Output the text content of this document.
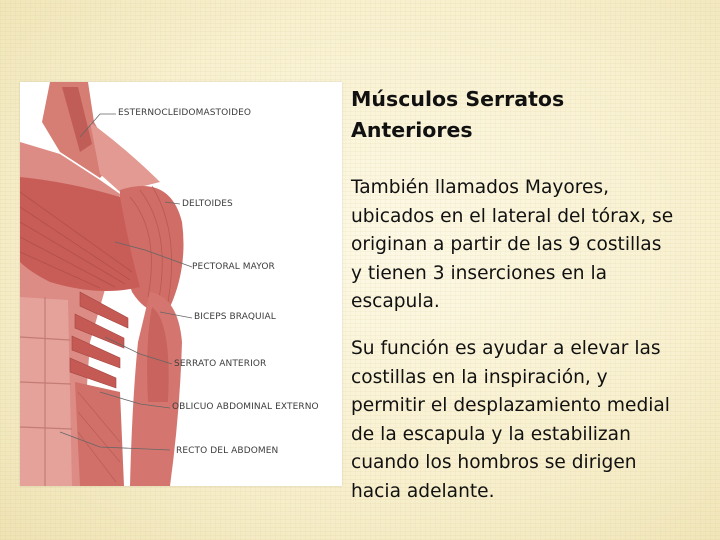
ESTERNOCLEIDOMASTOIDEO
DELTOIDES
PECTORAL MAYOR
BICEPS BRAQUIAL
SERRATO ANTERIOR
OBLICUO ABDOMINAL EXTERNO
RECTO DEL ABDOMEN
Músculos Serratos
Anteriores

También llamados Mayores,
ubicados en el lateral del tórax, se
originan a partir de las 9 costillas
y tienen 3 inserciones en la
escapula.

Su función es ayudar a elevar las
costillas en la inspiración, y
permitir el desplazamiento medial
de la escapula y la estabilizan
cuando los hombros se dirigen
hacia adelante.
